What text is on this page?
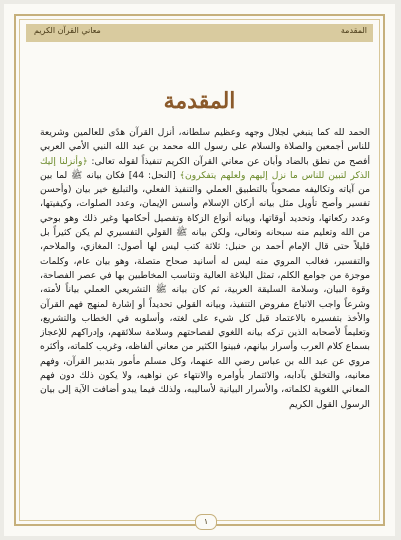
المقدمة
معاني القرآن الكريم
المقدمة
الحمد لله كما ينبغي لجلال وجهه وعظيم سلطانه، أنزل القرآن هدًى للعالمين وشريعة للناس أجمعين والصلاة والسلام على رسول الله محمد بن عبد الله النبي الأمي العربي أفصح من نطق بالضاد وأبان عن معاني القرآن الكريم تنفيذاً لقوله تعالى: ﴿وأنزلنا إليك الذكر لتبين للناس ما نزل إليهم ولعلهم يتفكرون﴾ [النحل: 44] فكان بيانه ﷺ لما بين من آياته وتكاليفه مصحوباً بالتطبيق العملي والتنفيذ الفعلي، والتبليغ خير بيان (وأحسن تفسير وأصح تأويل مثل بيانه أركان الإسلام وأسس الإيمان، وعدد الصلوات، وكيفيتها، وعدد ركعاتها، وتحديد أوقاتها، وبيانه أنواع الزكاة وتفصيل أحكامها وغير ذلك وهو بوحي من الله وتعليم منه سبحانه وتعالى، ولكن بيانه ﷺ القولي التفسيري لم يكن كثيراً بل قليلاً حتى قال الإمام أحمد بن حنبل: ثلاثة كتب ليس لها أصول: المغازي، والملاحم، والتفسير، فغالب المروي منه ليس له أسانيد صحاح متصلة، وهو بيان عام، وكلمات موجزة من جوامع الكلم، تمثل البلاغة العالية وتناسب المخاطبين بها في عصر الفصاحة، وقوة البيان، وسلامة السليقة العربية، ثم كان بيانه ﷺ التشريعي العملي بياناً لأمته، وشرعاً واجب الاتباع مفروض التنفيذ، وبيانه القولي تحديداً أو إشارة لمنهج فهم القرآن والأخذ بتفسيره بالاعتماد قبل كل شيء على لغته، وأسلوبه في الخطاب والتشريع، وتعليماً لأصحابه الذين تركه بيانه اللغوي لفصاحتهم وسلامة سلائقهم، وإدراكهم للإعجاز بسماع كلام العرب وأسرار بيانهم، فبينوا الكثير من معاني ألفاظه، وغريب كلماته، وأكثره مروي عن عبد الله بن عباس رضي الله عنهما، وكل مسلم مأمور بتدبير القرآن، وفهم معانيه، والتخلق بآدابه، والائتمار بأوامره والانتهاء عن نواهيه، ولا يكون ذلك دون فهم المعاني اللغوية لكلماته، والأسرار البيانية لأساليبه، ولذلك فيما يبدو أضافت الآية إلى بيان الرسول القول الكريم
١
